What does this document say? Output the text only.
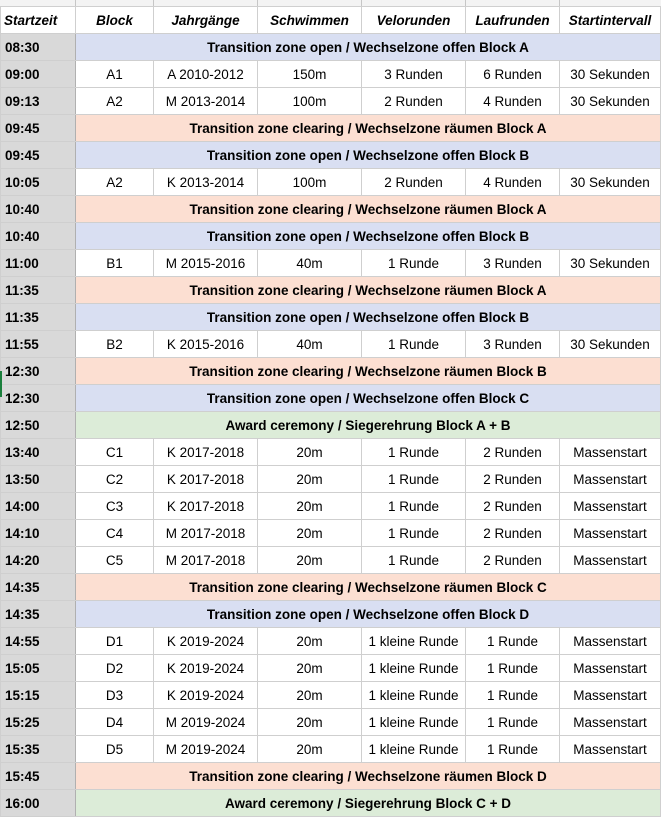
Startzeit	Block	Jahrgänge	Schwimmen	Velorunden	Laufrunden	Startintervall
08:30	Transition zone open / Wechselzone offen Block A					
09:00	A1	A 2010-2012	150m	3 Runden	6 Runden	30 Sekunden
09:13	A2	M 2013-2014	100m	2 Runden	4 Runden	30 Sekunden
09:45	Transition zone clearing / Wechselzone räumen Block A					
09:45	Transition zone open / Wechselzone offen Block B					
10:05	A2	K 2013-2014	100m	2 Runden	4 Runden	30 Sekunden
10:40	Transition zone clearing / Wechselzone räumen Block A					
10:40	Transition zone open / Wechselzone offen Block B					
11:00	B1	M 2015-2016	40m	1 Runde	3 Runden	30 Sekunden
11:35	Transition zone clearing / Wechselzone räumen Block A					
11:35	Transition zone open / Wechselzone offen Block B					
11:55	B2	K 2015-2016	40m	1 Runde	3 Runden	30 Sekunden
12:30	Transition zone clearing / Wechselzone räumen Block B					
12:30	Transition zone open / Wechselzone offen Block C					
12:50	Award ceremony / Siegerehrung Block A + B					
13:40	C1	K 2017-2018	20m	1 Runde	2 Runden	Massenstart
13:50	C2	K 2017-2018	20m	1 Runde	2 Runden	Massenstart
14:00	C3	K 2017-2018	20m	1 Runde	2 Runden	Massenstart
14:10	C4	M 2017-2018	20m	1 Runde	2 Runden	Massenstart
14:20	C5	M 2017-2018	20m	1 Runde	2 Runden	Massenstart
14:35	Transition zone clearing / Wechselzone räumen Block C					
14:35	Transition zone open / Wechselzone offen Block D					
14:55	D1	K 2019-2024	20m	1 kleine Runde	1 Runde	Massenstart
15:05	D2	K 2019-2024	20m	1 kleine Runde	1 Runde	Massenstart
15:15	D3	K 2019-2024	20m	1 kleine Runde	1 Runde	Massenstart
15:25	D4	M 2019-2024	20m	1 kleine Runde	1 Runde	Massenstart
15:35	D5	M 2019-2024	20m	1 kleine Runde	1 Runde	Massenstart
15:45	Transition zone clearing / Wechselzone räumen Block D					
16:00	Award ceremony / Siegerehrung Block C + D					
